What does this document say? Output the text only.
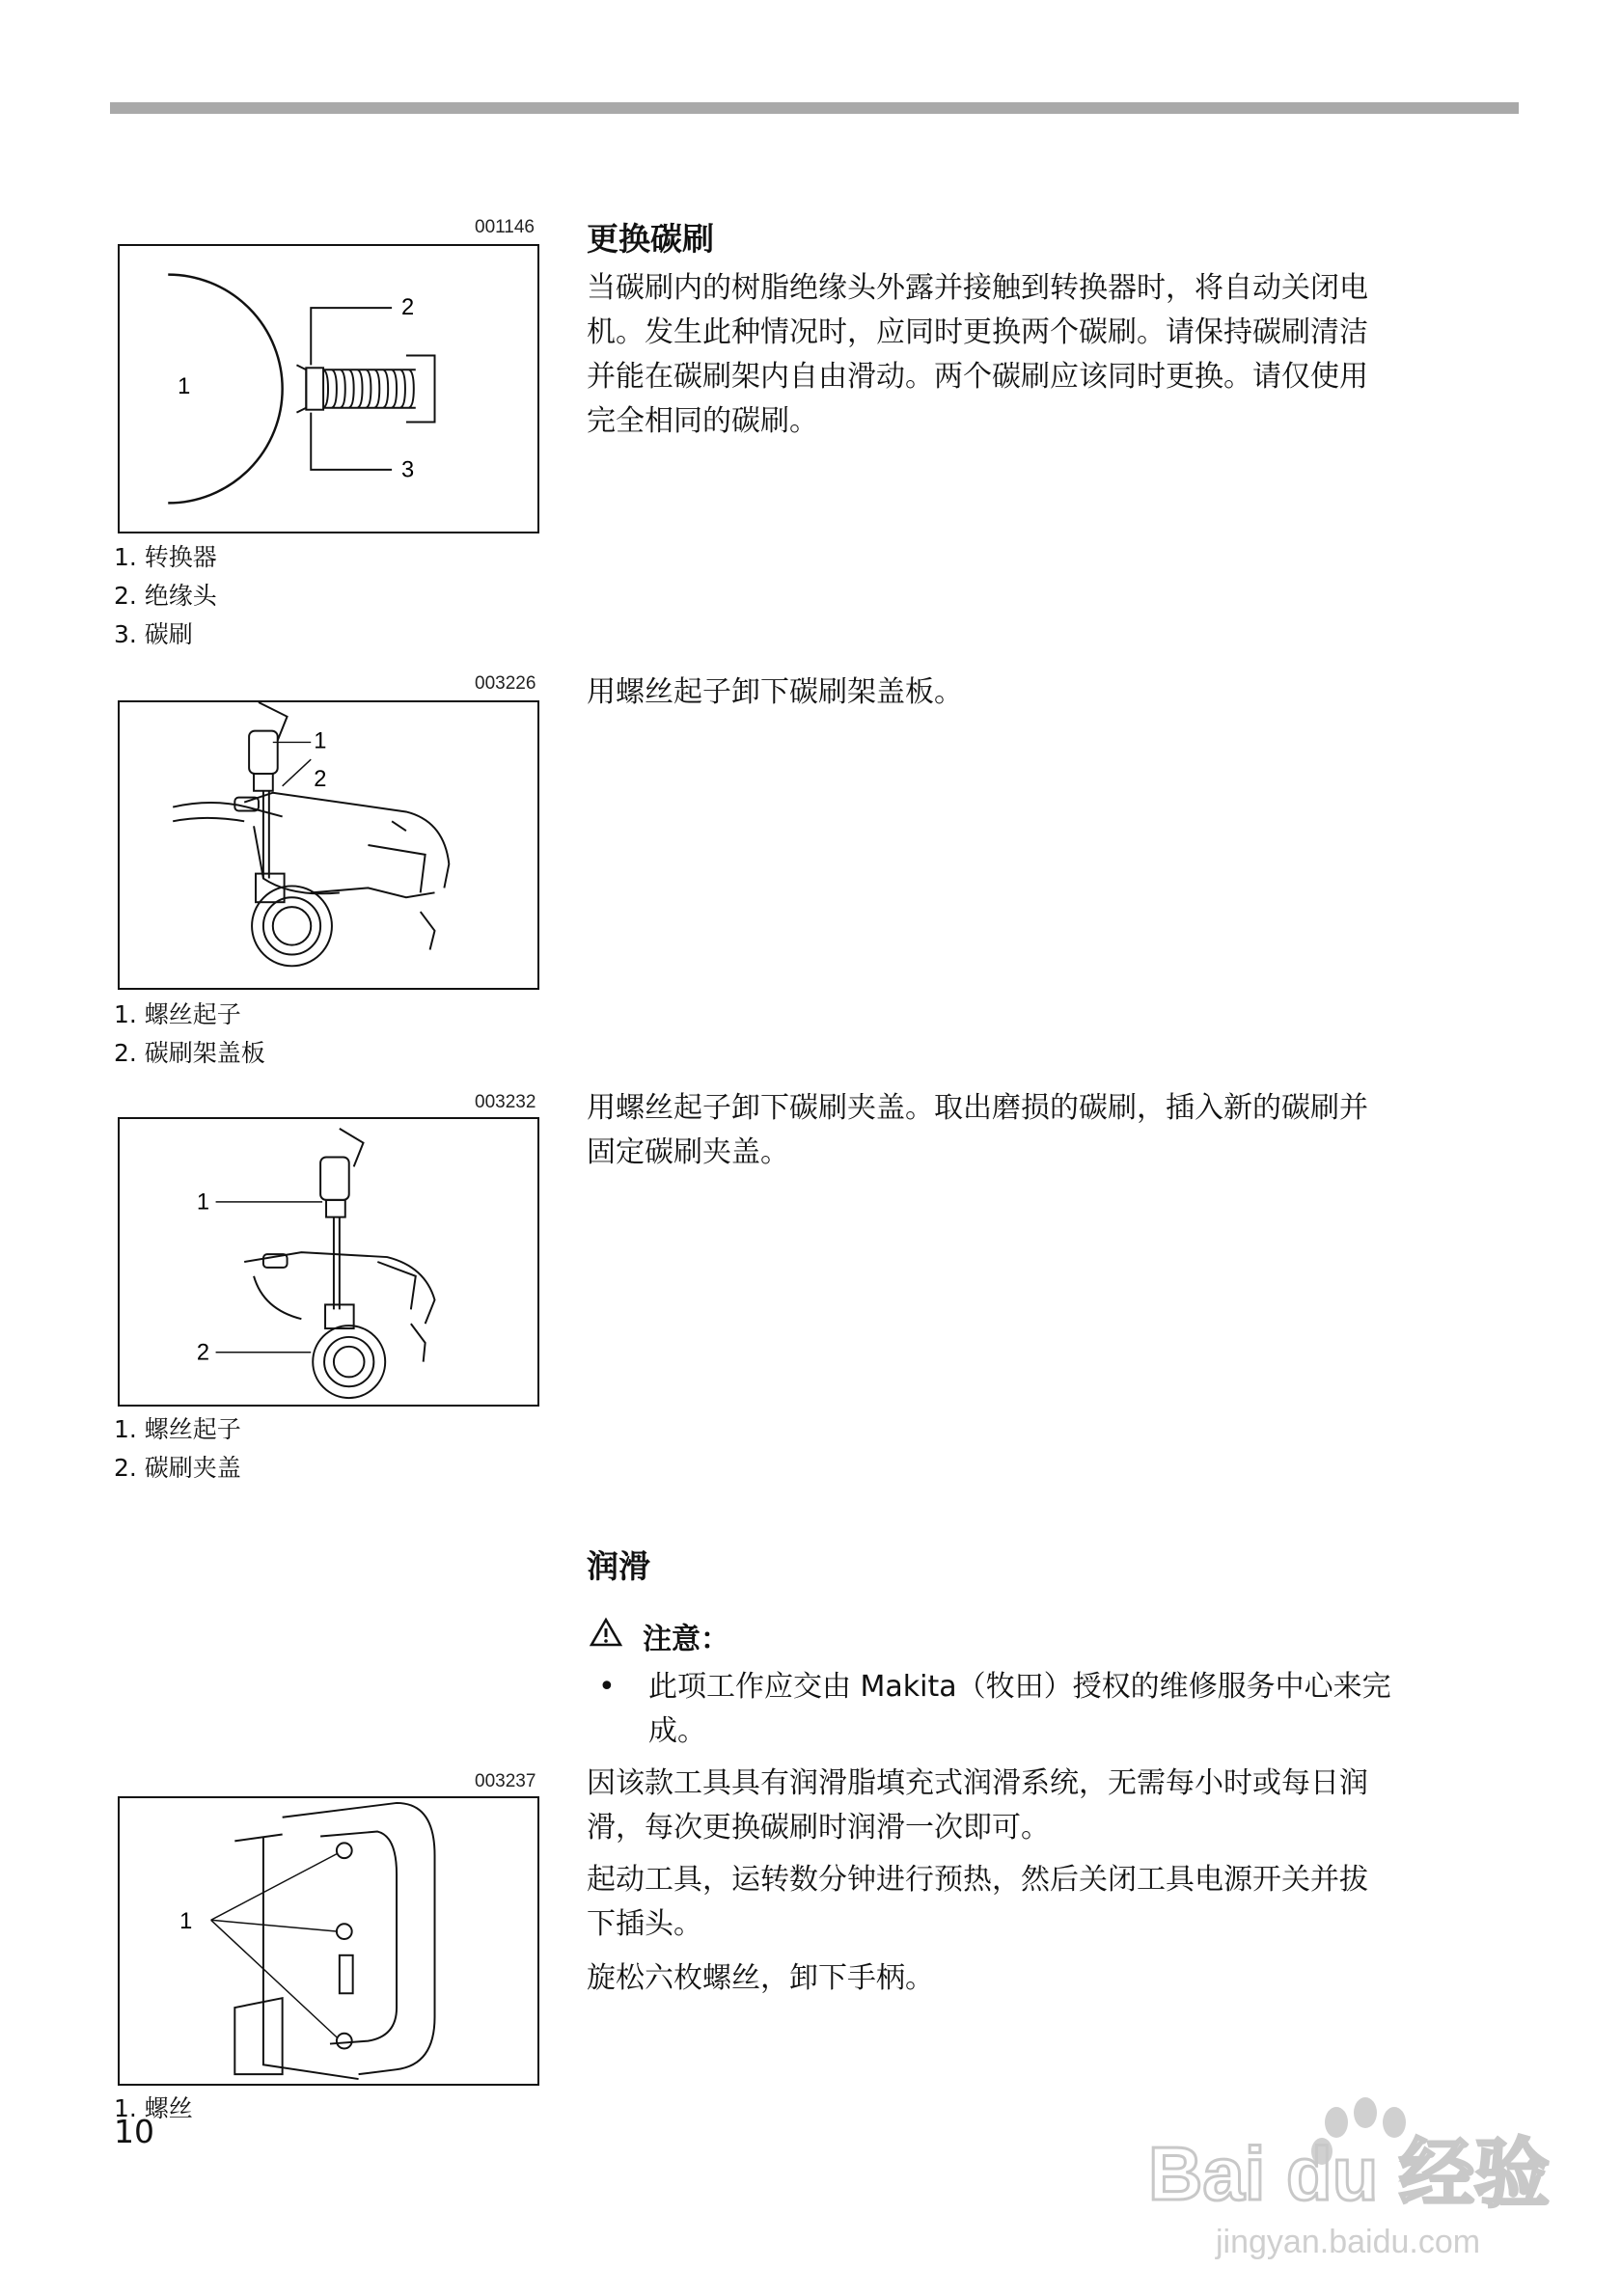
001146
1
2
3
1. 转换器
2. 绝缘头
3. 碳刷
更换碳刷
当碳刷内的树脂绝缘头外露并接触到转换器时，将自动关闭电
机。发生此种情况时，应同时更换两个碳刷。请保持碳刷清洁
并能在碳刷架内自由滑动。两个碳刷应该同时更换。请仅使用
完全相同的碳刷。
003226
1
2
1. 螺丝起子
2. 碳刷架盖板
用螺丝起子卸下碳刷架盖板。
003232
1
2
1. 螺丝起子
2. 碳刷夹盖
用螺丝起子卸下碳刷夹盖。取出磨损的碳刷，插入新的碳刷并
固定碳刷夹盖。
润滑
注意：
• 此项工作应交由 Makita（牧田）授权的维修服务中心来完
成。
因该款工具具有润滑脂填充式润滑系统，无需每小时或每日润
滑，每次更换碳刷时润滑一次即可。
起动工具，运转数分钟进行预热，然后关闭工具电源开关并拔
下插头。
旋松六枚螺丝，卸下手柄。
003237
1
1. 螺丝
10	Bai du 经验
jingyan.baidu.com
